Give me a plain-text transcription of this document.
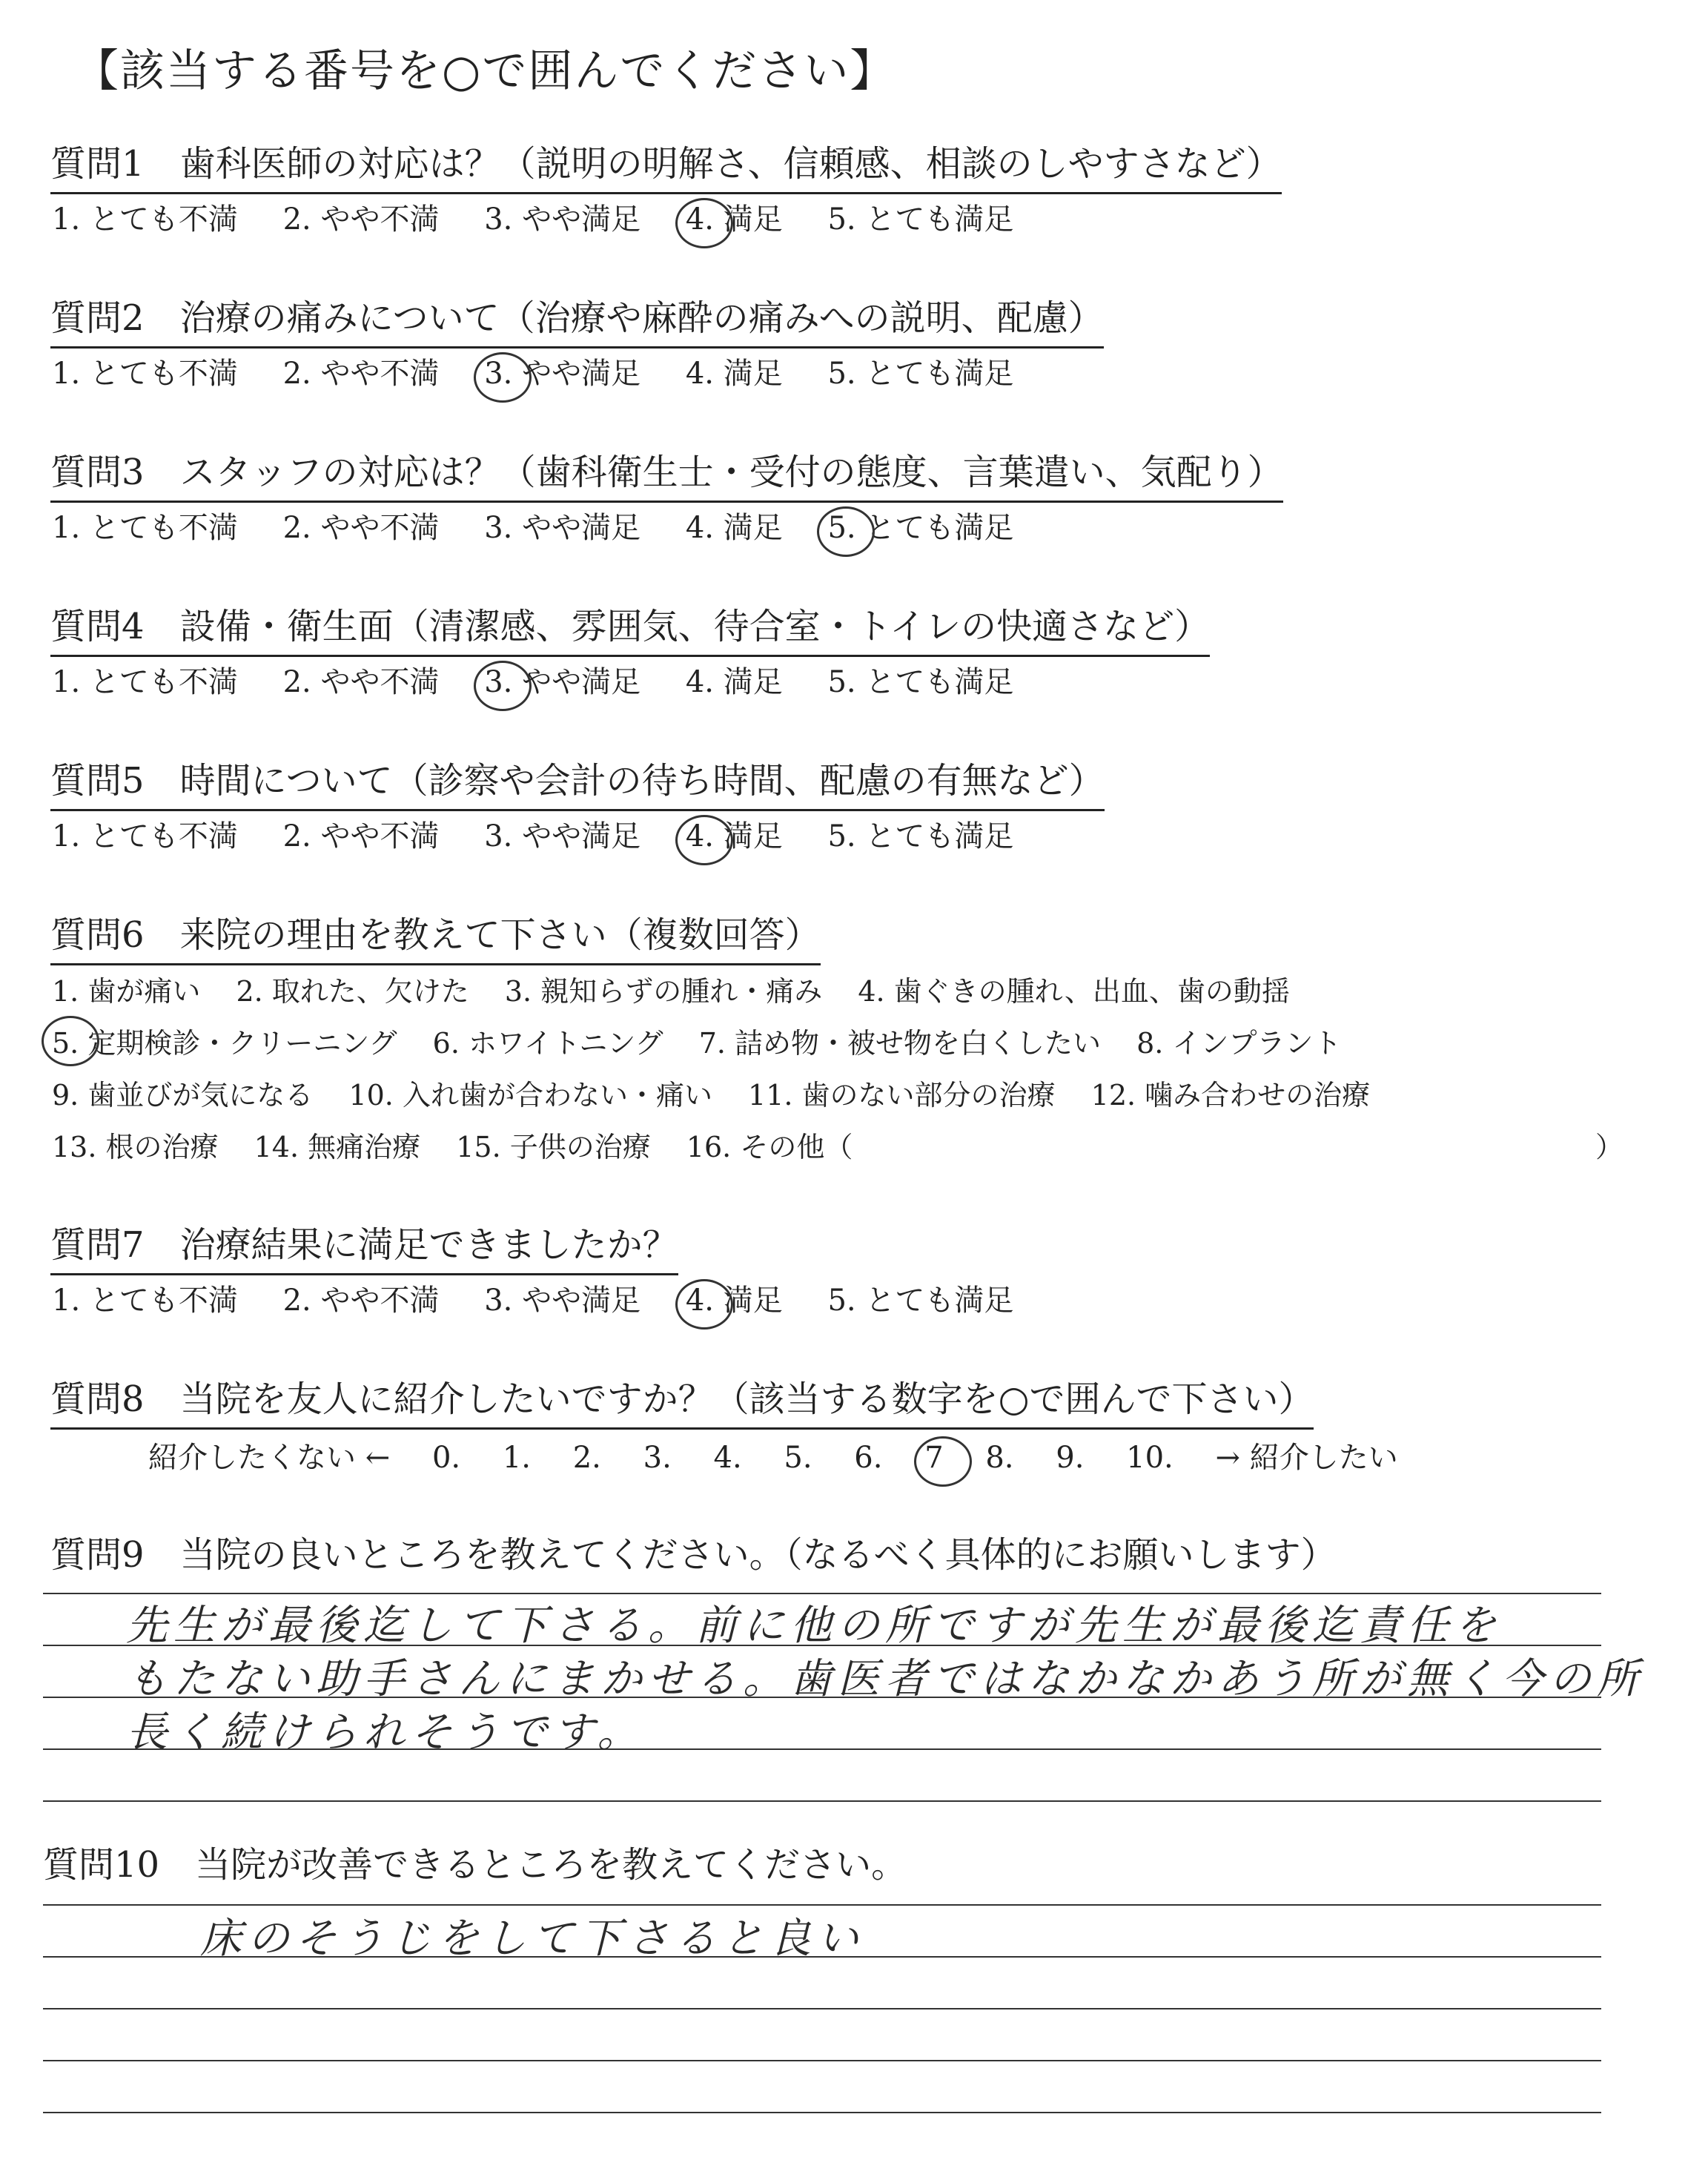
【該当する番号を○で囲んでください】
質問1　 歯科医師の対応は？（説明の明解さ、信頼感、相談のしやすさなど）
1. とても不満 2. やや不満 3. やや満足 4. 満足 5. とても満足
質問2　 治療の痛みについて（治療や麻酔の痛みへの説明、配慮）
1. とても不満 2. やや不満 3. やや満足 4. 満足 5. とても満足
質問3　 スタッフの対応は？（歯科衛生士・受付の態度、言葉遣い、気配り）
1. とても不満 2. やや不満 3. やや満足 4. 満足 5. とても満足
質問4　 設備・衛生面（清潔感、雰囲気、待合室・トイレの快適さなど）
1. とても不満 2. やや不満 3. やや満足 4. 満足 5. とても満足
質問5　 時間について（診察や会計の待ち時間、配慮の有無など）
1. とても不満 2. やや不満 3. やや満足 4. 満足 5. とても満足
質問6　 来院の理由を教えて下さい（複数回答）
1. 歯が痛い 2. 取れた、欠けた 3. 親知らずの腫れ・痛み 4. 歯ぐきの腫れ、出血、歯の動揺
5. 定期検診・クリーニング 6. ホワイトニング 7. 詰め物・被せ物を白くしたい 8. インプラント
9. 歯並びが気になる 10. 入れ歯が合わない・痛い 11. 歯のない部分の治療 12. 噛み合わせの治療
13. 根の治療 14. 無痛治療 15. 子供の治療 16. その他（	）
質問7　 治療結果に満足できましたか？
1. とても不満 2. やや不満 3. やや満足 4. 満足 5. とても満足
質問8　 当院を友人に紹介したいですか？（該当する数字を○で囲んで下さい）
紹介したくない ← 0. 1. 2. 3. 4. 5. 6. 7 8. 9. 10. → 紹介したい
質問9　 当院の良いところを教えてください。（なるべく具体的にお願いします）
先生が最後迄して下さる。前に他の所ですが先生が最後迄責任を
もたない助手さんにまかせる。歯医者ではなかなかあう所が無く今の所
長く続けられそうです。
質問10　 当院が改善できるところを教えてください。
床のそうじをして下さると良い
